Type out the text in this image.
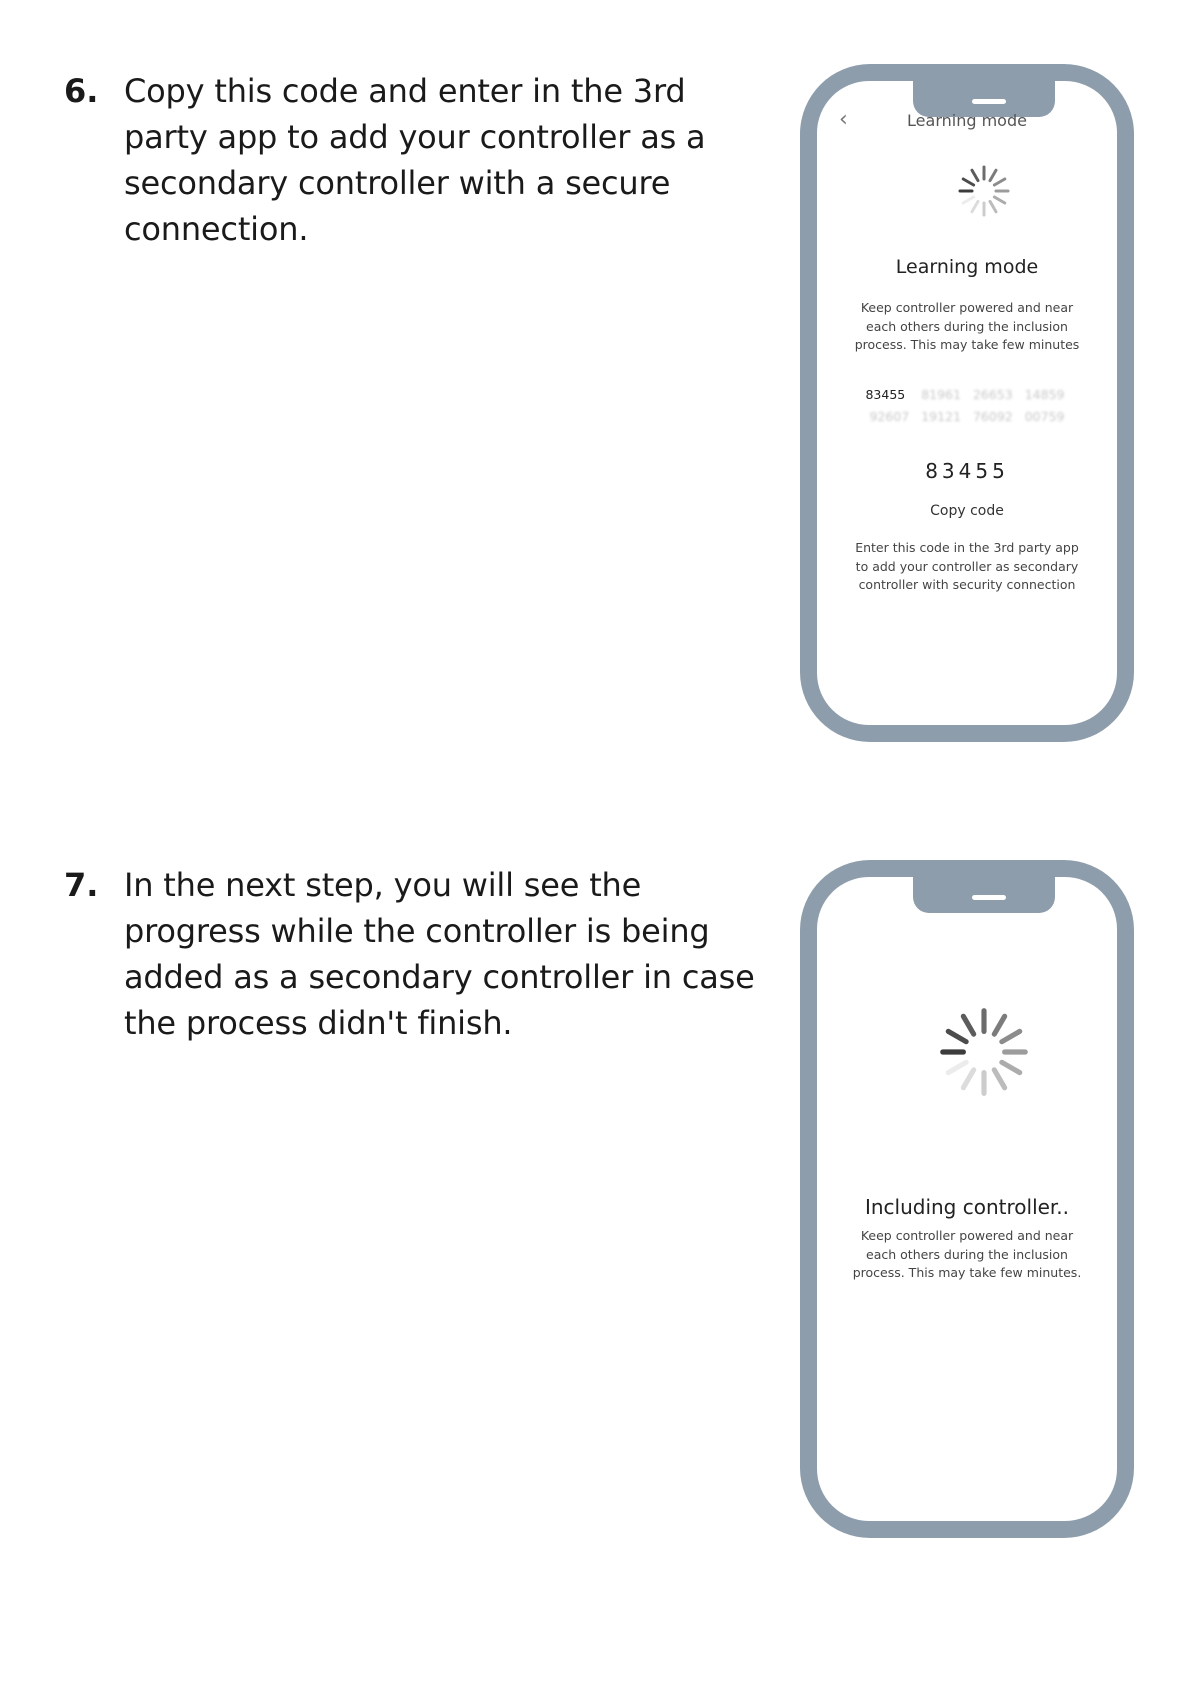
6. Copy this code and enter in the 3rd party app to add your controller as a secondary controller with a secure connection.
‹	Learning mode
Learning mode
Keep controller powered and near each others during the inclusion process. This may take few minutes
83455 81961 26653 14859
92607 19121 76092 00759
83455
Copy code
Enter this code in the 3rd party app to add your controller as secondary controller with security connection
7. In the next step, you will see the progress while the controller is being added as a secondary controller in case the process didn't finish.
Including controller..
Keep controller powered and near each others during the inclusion process. This may take few minutes.
